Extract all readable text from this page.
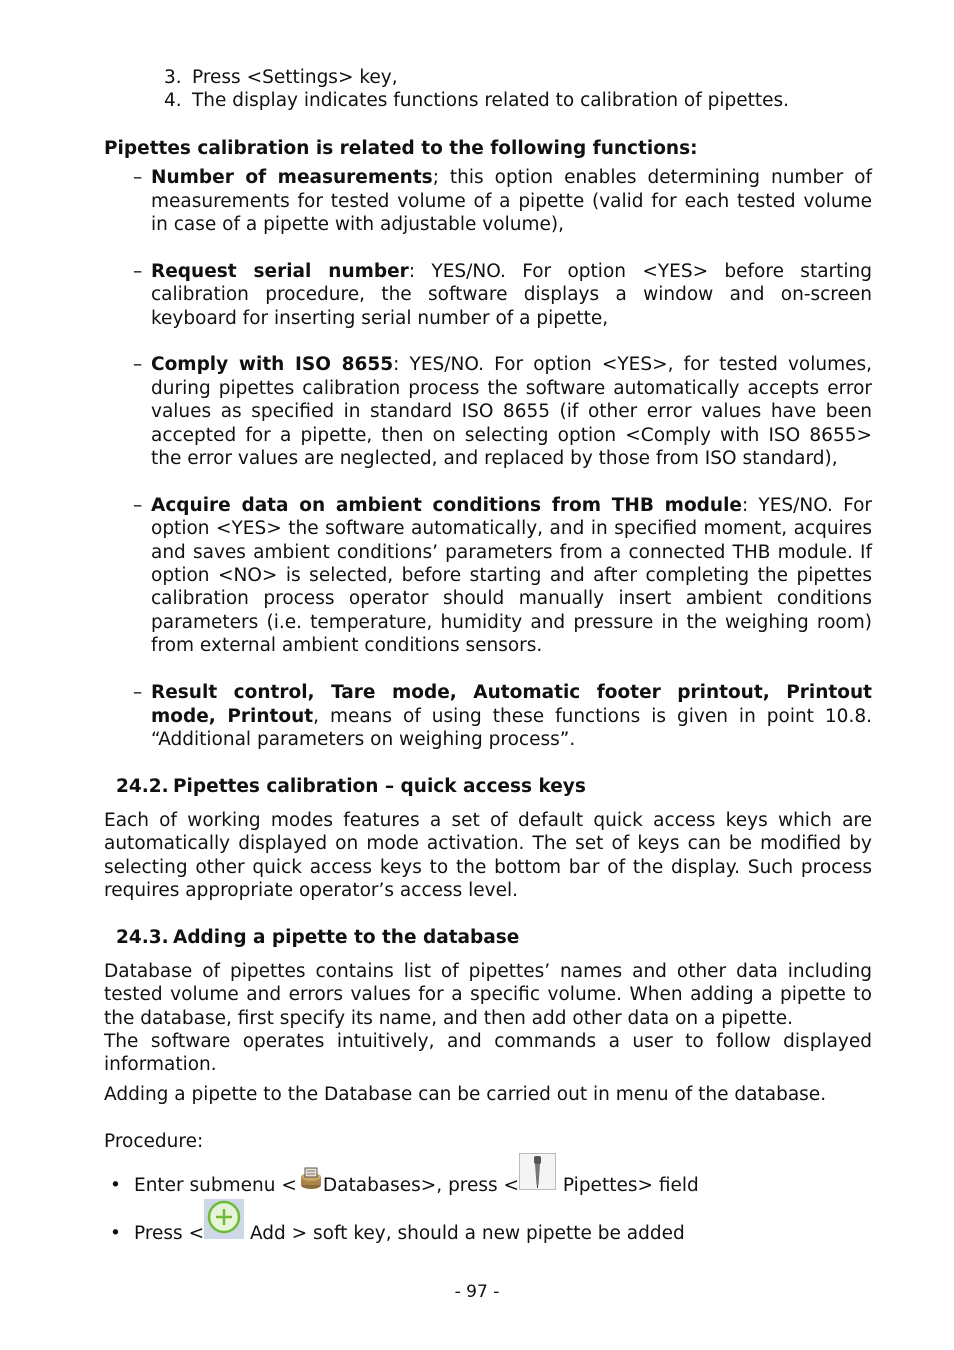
3. Press <Settings> key,
4. The display indicates functions related to calibration of pipettes.
Pipettes calibration is related to the following functions:
– Number of measurements; this option enables determining number of measurements for tested volume of a pipette (valid for each tested volume in case of a pipette with adjustable volume),
– Request serial number: YES/NO. For option <YES> before starting calibration procedure, the software displays a window and on-screen keyboard for inserting serial number of a pipette,
– Comply with ISO 8655: YES/NO. For option <YES>, for tested volumes, during pipettes calibration process the software automatically accepts error values as specified in standard ISO 8655 (if other error values have been accepted for a pipette, then on selecting option <Comply with ISO 8655> the error values are neglected, and replaced by those from ISO standard),
– Acquire data on ambient conditions from THB module: YES/NO. For option <YES> the software automatically, and in specified moment, acquires and saves ambient conditions’ parameters from a connected THB module. If option <NO> is selected, before starting and after completing the pipettes calibration process operator should manually insert ambient conditions parameters (i.e. temperature, humidity and pressure in the weighing room) from external ambient conditions sensors.
– Result control, Tare mode, Automatic footer printout, Printout mode, Printout, means of using these functions is given in point 10.8. “Additional parameters on weighing process”.
24.2. Pipettes calibration – quick access keys

Each of working modes features a set of default quick access keys which are automatically displayed on mode activation. The set of keys can be modified by selecting other quick access keys to the bottom bar of the display. Such process requires appropriate operator’s access level.

24.3. Adding a pipette to the database

Database of pipettes contains list of pipettes’ names and other data including tested volume and errors values for a specific volume. When adding a pipette to the database, first specify its name, and then add other data on a pipette.

The software operates intuitively, and commands a user to follow displayed information.

Adding a pipette to the Database can be carried out in menu of the database.

Procedure:

• Enter submenu < Databases>, press < Pipettes> field
• Press < Add > soft key, should a new pipette be added
- 97 -
